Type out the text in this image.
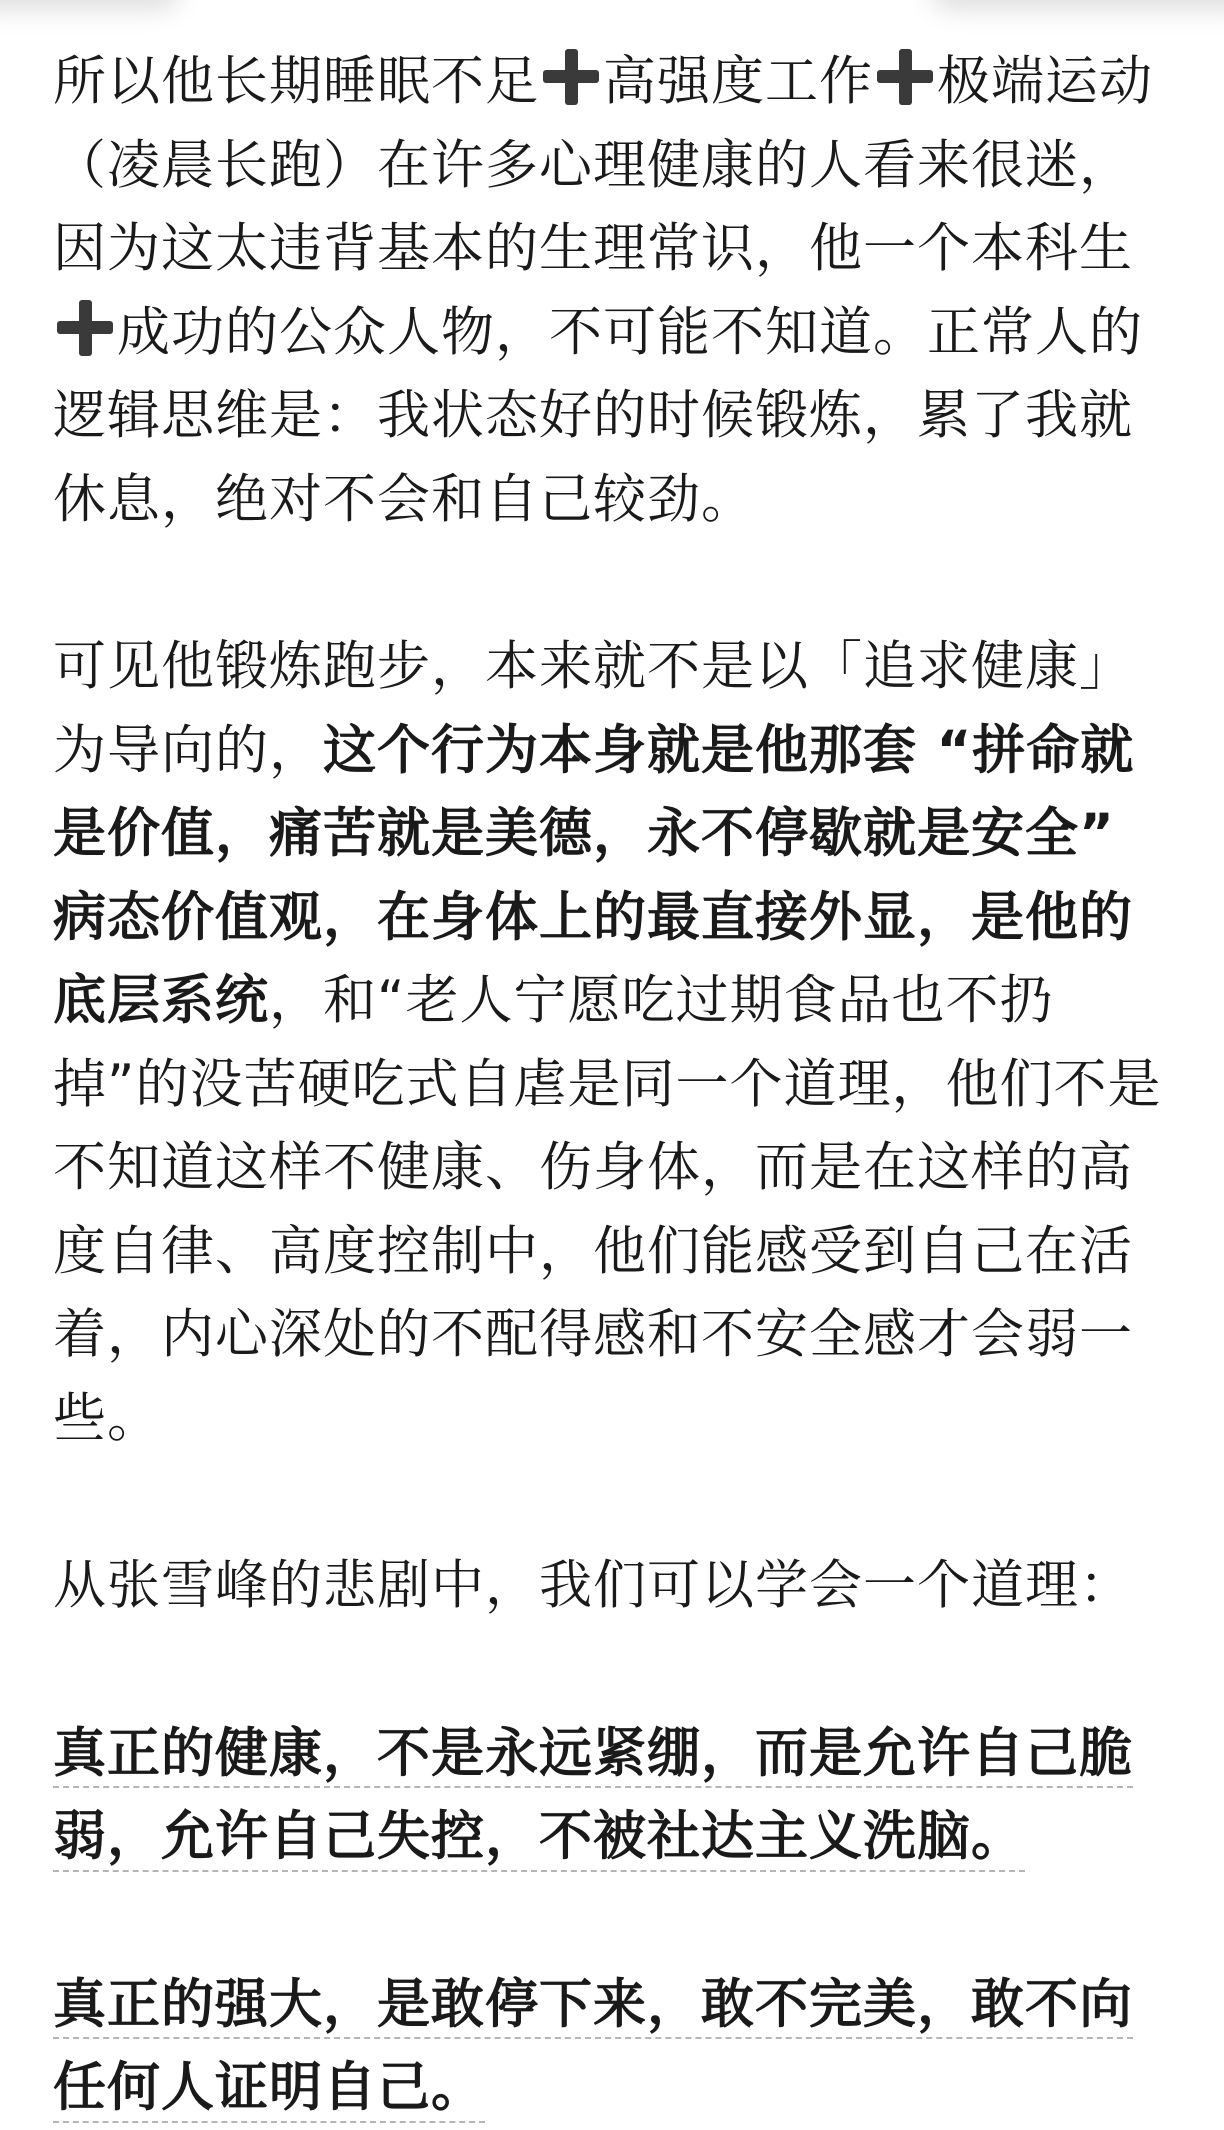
所以他长期睡眠不足 高强度工作 极端运动（凌晨长跑）在许多心理健康的人看来很迷，因为这太违背基本的生理常识，他一个本科生成功的公众人物，不可能不知道。正常人的逻辑思维是：我状态好的时候锻炼，累了我就休息，绝对不会和自己较劲。

可见他锻炼跑步，本来就不是以「追求健康」为导向的，这个行为本身就是他那套 “拼命就是价值，痛苦就是美德，永不停歇就是安全” 病态价值观，在身体上的最直接外显，是他的底层系统，和“老人宁愿吃过期食品也不扔掉”的没苦硬吃式自虐是同一个道理，他们不是不知道这样不健康、伤身体，而是在这样的高度自律、高度控制中，他们能感受到自己在活着，内心深处的不配得感和不安全感才会弱一些。

从张雪峰的悲剧中，我们可以学会一个道理：

真正的健康，不是永远紧绷，而是允许自己脆弱，允许自己失控，不被社达主义洗脑。

真正的强大，是敢停下来，敢不完美，敢不向任何人证明自己。
